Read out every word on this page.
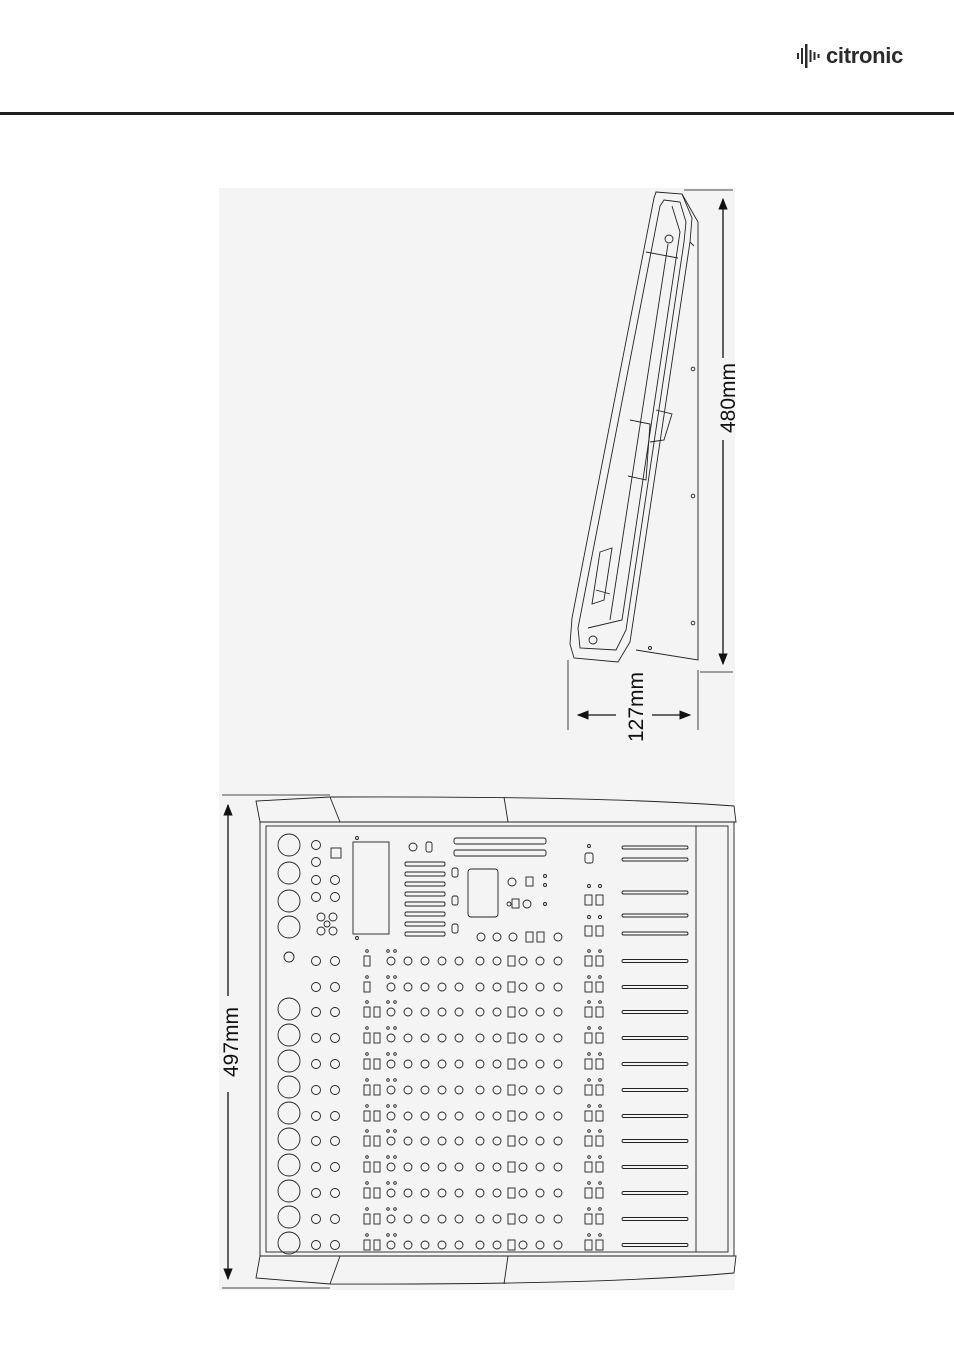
citronic
480mm
127mm
497mm
